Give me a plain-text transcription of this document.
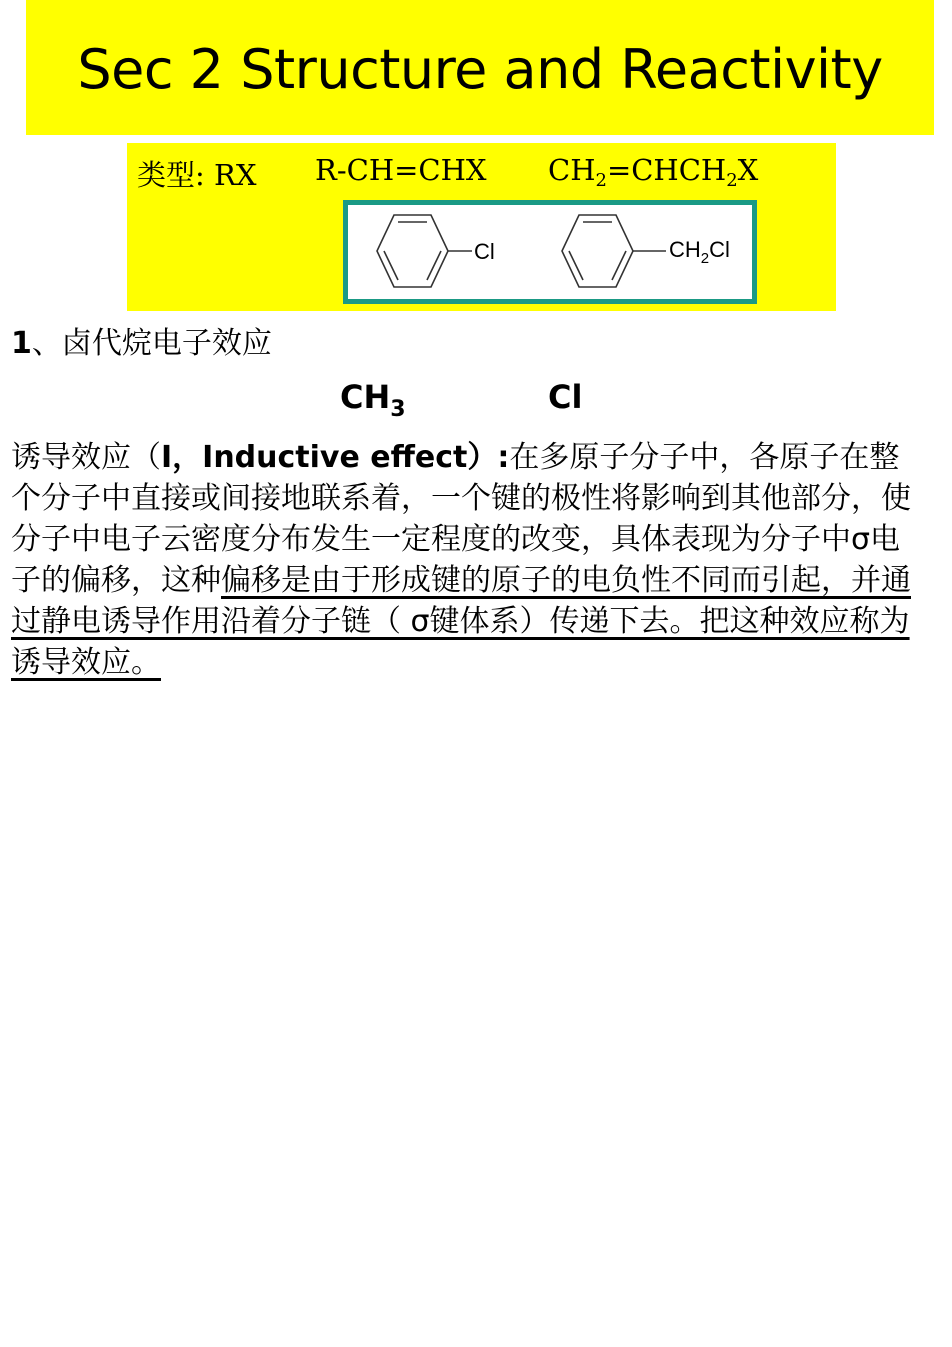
Sec 2 Structure and Reactivity
类型: RX R-CH=CHX $CH_2=CHCH_2X$
Cl	$CH_2Cl$
1、卤代烷电子效应
$CH_3$	Cl
诱导效应（I，Inductive effect）:在多原子分子中，各原子在整个分子中直接或间接地联系着，一个键的极性将影响到其他部分，使分子中电子云密度分布发生一定程度的改变，具体表现为分子中σ电子的偏移，这种偏移是由于形成键的原子的电负性不同而引起，并通过静电诱导作用沿着分子链（ σ键体系）传递下去。把这种效应称为诱导效应。
